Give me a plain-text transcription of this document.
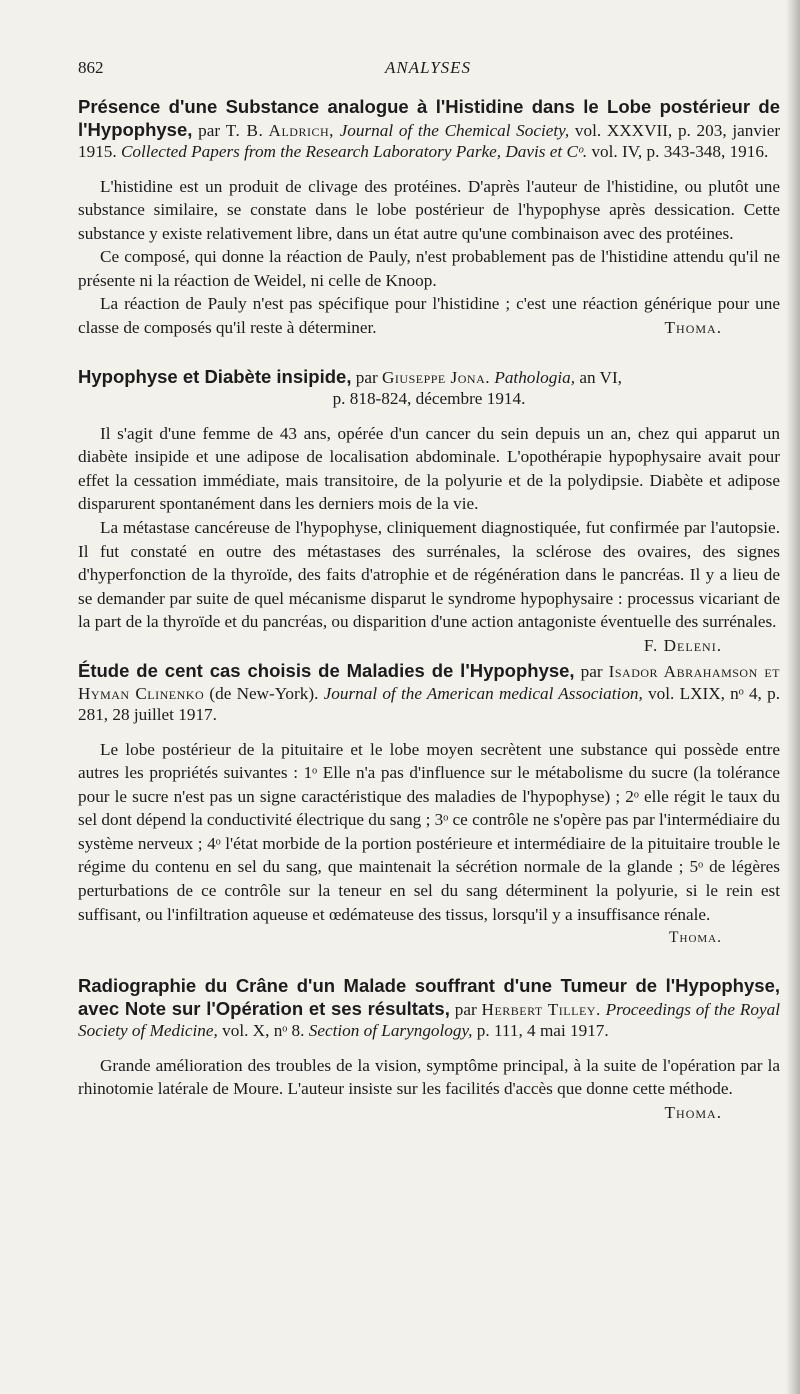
862	ANALYSES
Présence d'une Substance analogue à l'Histidine dans le Lobe postérieur de l'Hypophyse, par T. B. Aldrich, Journal of the Chemical Society, vol. XXXVII, p. 203, janvier 1915. Collected Papers from the Research Laboratory Parke, Davis et Cᵒ. vol. IV, p. 343-348, 1916.

L'histidine est un produit de clivage des protéines. D'après l'auteur de l'histidine, ou plutôt une substance similaire, se constate dans le lobe postérieur de l'hypophyse après dessication. Cette substance y existe relativement libre, dans un état autre qu'une combinaison avec des protéines.

Ce composé, qui donne la réaction de Pauly, n'est probablement pas de l'histidine attendu qu'il ne présente ni la réaction de Weidel, ni celle de Knoop.

La réaction de Pauly n'est pas spécifique pour l'histidine ; c'est une réaction générique pour une classe de composés qu'il reste à déterminer.	Thoma.

Hypophyse et Diabète insipide, par Giuseppe Jona. Pathologia, an VI,
p. 818-824, décembre 1914.

Il s'agit d'une femme de 43 ans, opérée d'un cancer du sein depuis un an, chez qui apparut un diabète insipide et une adipose de localisation abdominale. L'opothérapie hypophysaire avait pour effet la cessation immédiate, mais transitoire, de la polyurie et de la polydipsie. Diabète et adipose disparurent spontanément dans les derniers mois de la vie.

La métastase cancéreuse de l'hypophyse, cliniquement diagnostiquée, fut confirmée par l'autopsie. Il fut constaté en outre des métastases des surrénales, la sclérose des ovaires, des signes d'hyperfonction de la thyroïde, des faits d'atrophie et de régénération dans le pancréas. Il y a lieu de se demander par suite de quel mécanisme disparut le syndrome hypophysaire : processus vicariant de la part de la thyroïde et du pancréas, ou disparition d'une action antagoniste éventuelle des surrénales.
F. Deleni.

Étude de cent cas choisis de Maladies de l'Hypophyse, par Isador Abrahamson et Hyman Clinenko (de New-York). Journal of the American medical Association, vol. LXIX, nᵒ 4, p. 281, 28 juillet 1917.

Le lobe postérieur de la pituitaire et le lobe moyen secrètent une substance qui possède entre autres les propriétés suivantes : 1ᵒ Elle n'a pas d'influence sur le métabolisme du sucre (la tolérance pour le sucre n'est pas un signe caractéristique des maladies de l'hypophyse) ; 2ᵒ elle régit le taux du sel dont dépend la conductivité électrique du sang ; 3ᵒ ce contrôle ne s'opère pas par l'intermédiaire du système nerveux ; 4ᵒ l'état morbide de la portion postérieure et intermédiaire de la pituitaire trouble le régime du contenu en sel du sang, que maintenait la sécrétion normale de la glande ; 5ᵒ de légères perturbations de ce contrôle sur la teneur en sel du sang déterminent la polyurie, si le rein est suffisant, ou l'infiltration aqueuse et œdémateuse des tissus, lorsqu'il y a insuffisance rénale.

Thoma.

Radiographie du Crâne d'un Malade souffrant d'une Tumeur de l'Hypophyse, avec Note sur l'Opération et ses résultats, par Herbert Tilley. Proceedings of the Royal Society of Medicine, vol. X, nᵒ 8. Section of Laryngology, p. 111, 4 mai 1917.

Grande amélioration des troubles de la vision, symptôme principal, à la suite de l'opération par la rhinotomie latérale de Moure. L'auteur insiste sur les facilités d'accès que donne cette méthode.
Thoma.
